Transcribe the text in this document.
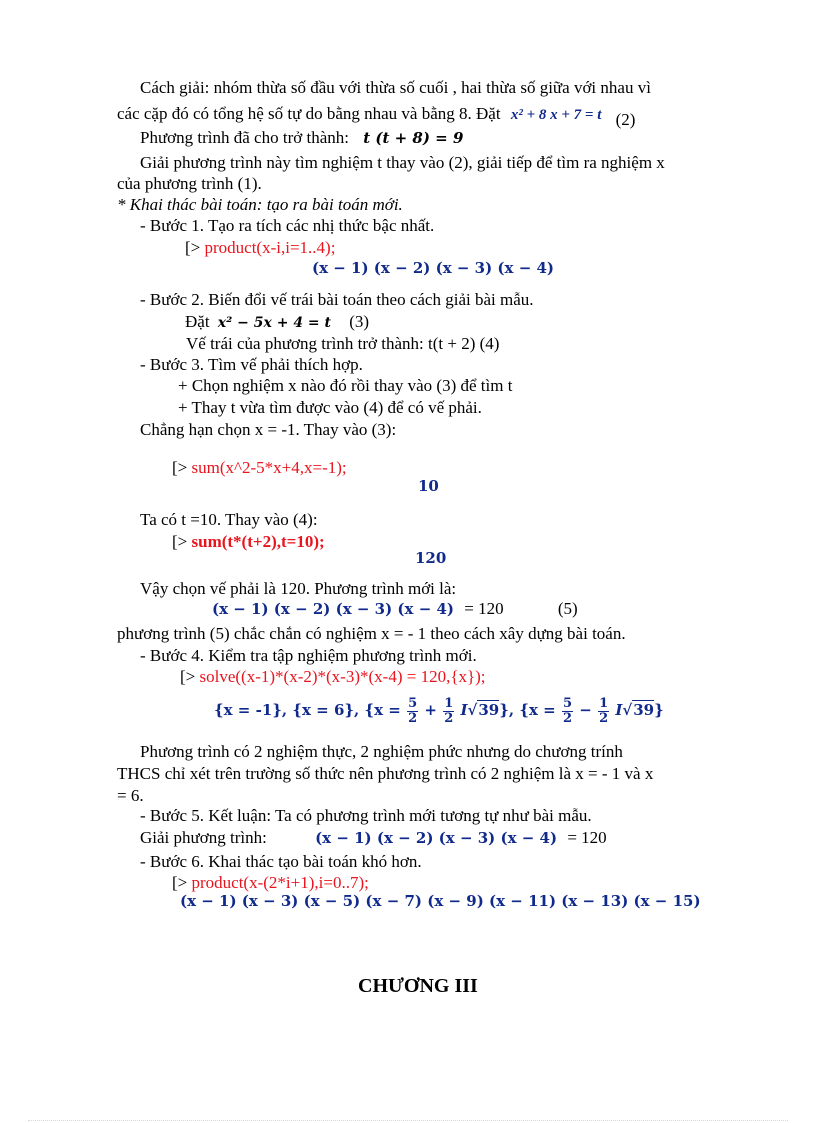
Cách giải: nhóm thừa số đầu với thừa số cuối , hai thừa số giữa với nhau vì
các cặp đó có tổng hệ số tự do bằng nhau và bằng 8. Đặt x² + 8 x + 7 = t (2)
Phương trình đã cho trở thành: t (t + 8) = 9
Giải phương trình này tìm nghiệm t thay vào (2), giải tiếp để tìm ra nghiệm x
của phương trình (1).
* Khai thác bài toán: tạo ra bài toán mới.
- Bước 1. Tạo ra tích các nhị thức bậc nhất.
[> product(x-i,i=1..4);
(x − 1) (x − 2) (x − 3) (x − 4)
- Bước 2. Biến đổi vế trái bài toán theo cách giải bài mẫu.
Đặt x² − 5x + 4 = t (3)
Vế trái của phương trình trở thành: t(t + 2) (4)
- Bước 3. Tìm vế phải thích hợp.
+ Chọn nghiệm x nào đó rồi thay vào (3) để tìm t
+ Thay t vừa tìm được vào (4) để có vế phải.
Chẳng hạn chọn x = -1. Thay vào (3):
[> sum(x^2-5*x+4,x=-1);
10
Ta có t =10. Thay vào (4):
[> sum(t*(t+2),t=10);
120
Vậy chọn vế phải là 120. Phương trình mới là:
(x − 1) (x − 2) (x − 3) (x − 4) = 120	(5)
phương trình (5) chắc chắn có nghiệm x = - 1 theo cách xây dựng bài toán.
- Bước 4. Kiểm tra tập nghiệm phương trình mới.
[> solve((x-1)*(x-2)*(x-3)*(x-4) = 120,{x});
{x = -1}, {x = 6}, $\{x = \frac{5}{2} + \frac{1}{2} I√39\}$, $\{x = \frac{5}{2} - \frac{1}{2} I√39\}$
Phương trình có 2 nghiệm thực, 2 nghiệm phức nhưng do chương trính
THCS chỉ xét trên trường số thức nên phương trình có 2 nghiệm là x = - 1 và x
= 6.
- Bước 5. Kết luận: Ta có phương trình mới tương tự như bài mẫu.
Giải phương trình:	(x − 1) (x − 2) (x − 3) (x − 4) = 120
- Bước 6. Khai thác tạo bài toán khó hơn.
[> product(x-(2*i+1),i=0..7);
(x − 1) (x − 3) (x − 5) (x − 7) (x − 9) (x − 11) (x − 13) (x − 15)
CHƯƠNG III
